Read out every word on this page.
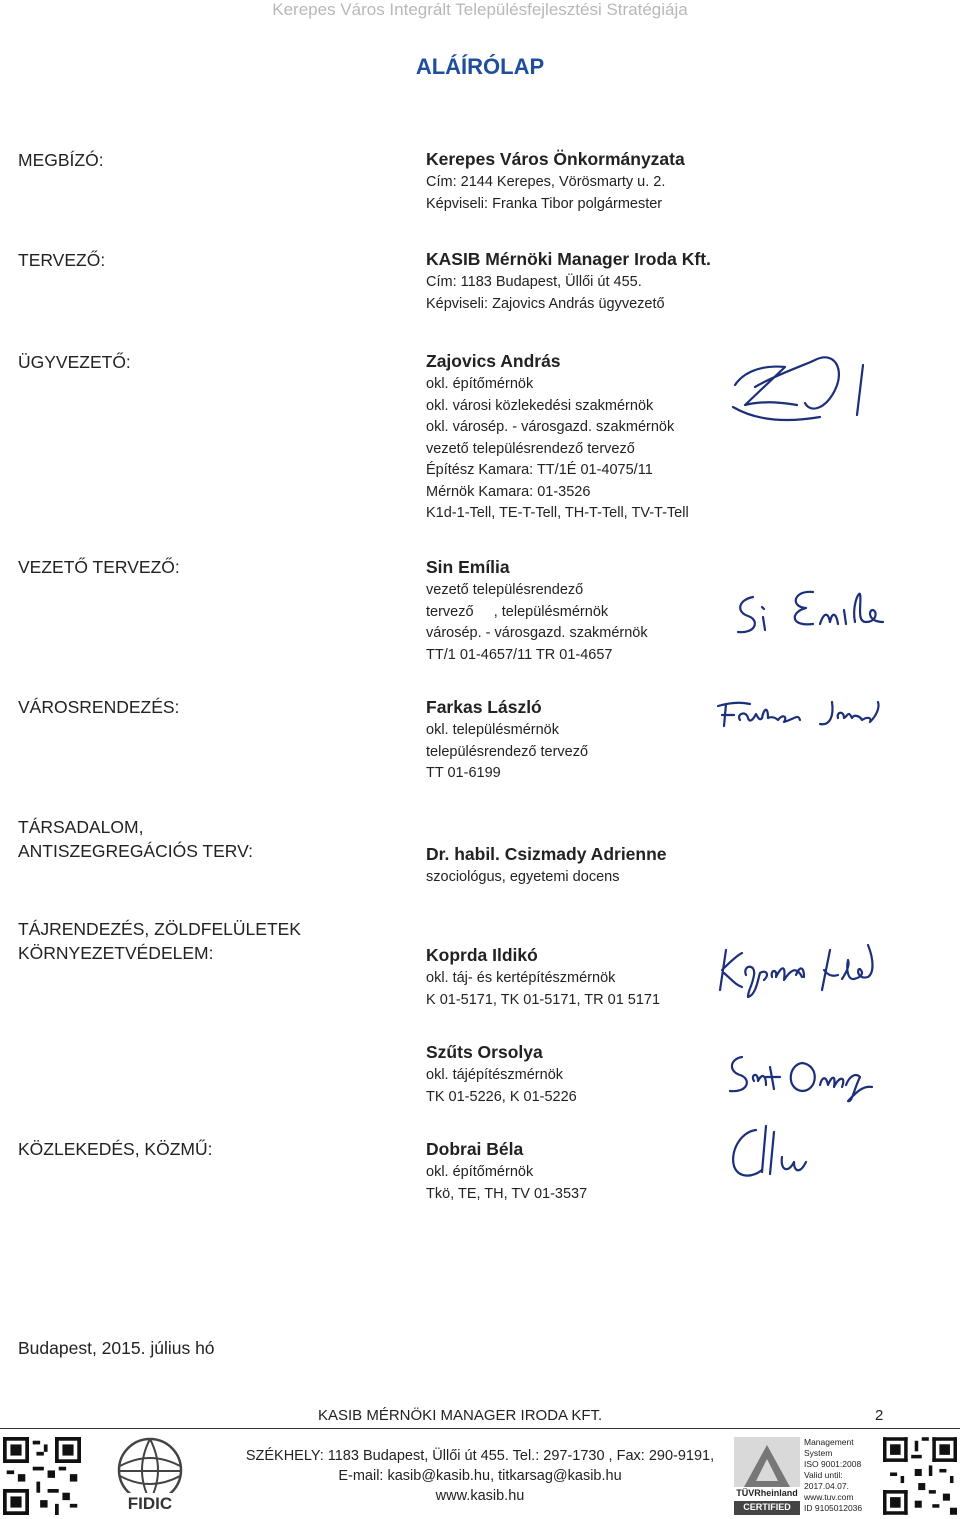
Kerepes Város Integrált Településfejlesztési Stratégiája
ALÁÍRÓLAP
MEGBÍZÓ:
TERVEZŐ:
ÜGYVEZETŐ:
VEZETŐ TERVEZŐ:
VÁROSRENDEZÉS:
TÁRSADALOM,
ANTISZEGREGÁCIÓS TERV:
TÁJRENDEZÉS, ZÖLDFELÜLETEK
KÖRNYEZETVÉDELEM:
KÖZLEKEDÉS, KÖZMŰ:
Kerepes Város Önkormányzata
Cím: 2144 Kerepes, Vörösmarty u. 2.
Képviseli: Franka Tibor polgármester
KASIB Mérnöki Manager Iroda Kft.
Cím: 1183 Budapest, Üllői út 455.
Képviseli: Zajovics András ügyvezető
Zajovics András
okl. építőmérnök
okl. városi közlekedési szakmérnök
okl. városép. - városgazd. szakmérnök
vezető településrendező tervező
Építész Kamara: TT/1É 01-4075/11
Mérnök Kamara: 01-3526
K1d-1-Tell, TE-T-Tell, TH-T-Tell, TV-T-Tell
Sin Emília
vezető településrendező
tervező     , településmérnök
városép. - városgazd. szakmérnök
TT/1 01-4657/11 TR 01-4657
Farkas László
okl. településmérnök
településrendező tervező
TT 01-6199
Dr. habil. Csizmady Adrienne
szociológus, egyetemi docens
Koprda Ildikó
okl. táj- és kertépítészmérnök
K 01-5171, TK 01-5171, TR 01 5171
Szűts Orsolya
okl. tájépítészmérnök
TK 01-5226, K 01-5226
Dobrai Béla
okl. építőmérnök
Tkö, TE, TH, TV 01-3537
Budapest, 2015. július hó
KASIB MÉRNÖKI MANAGER IRODA KFT.	2
SZÉKHELY: 1183 Budapest, Üllői út 455. Tel.: 297-1730 , Fax: 290-9191,
E-mail: kasib@kasib.hu, titkarsag@kasib.hu
www.kasib.hu
FIDIC
TÜVRheinland
CERTIFIED
Management
System
ISO 9001:2008
Valid until:
2017.04.07.
www.tuv.com
ID 9105012036
